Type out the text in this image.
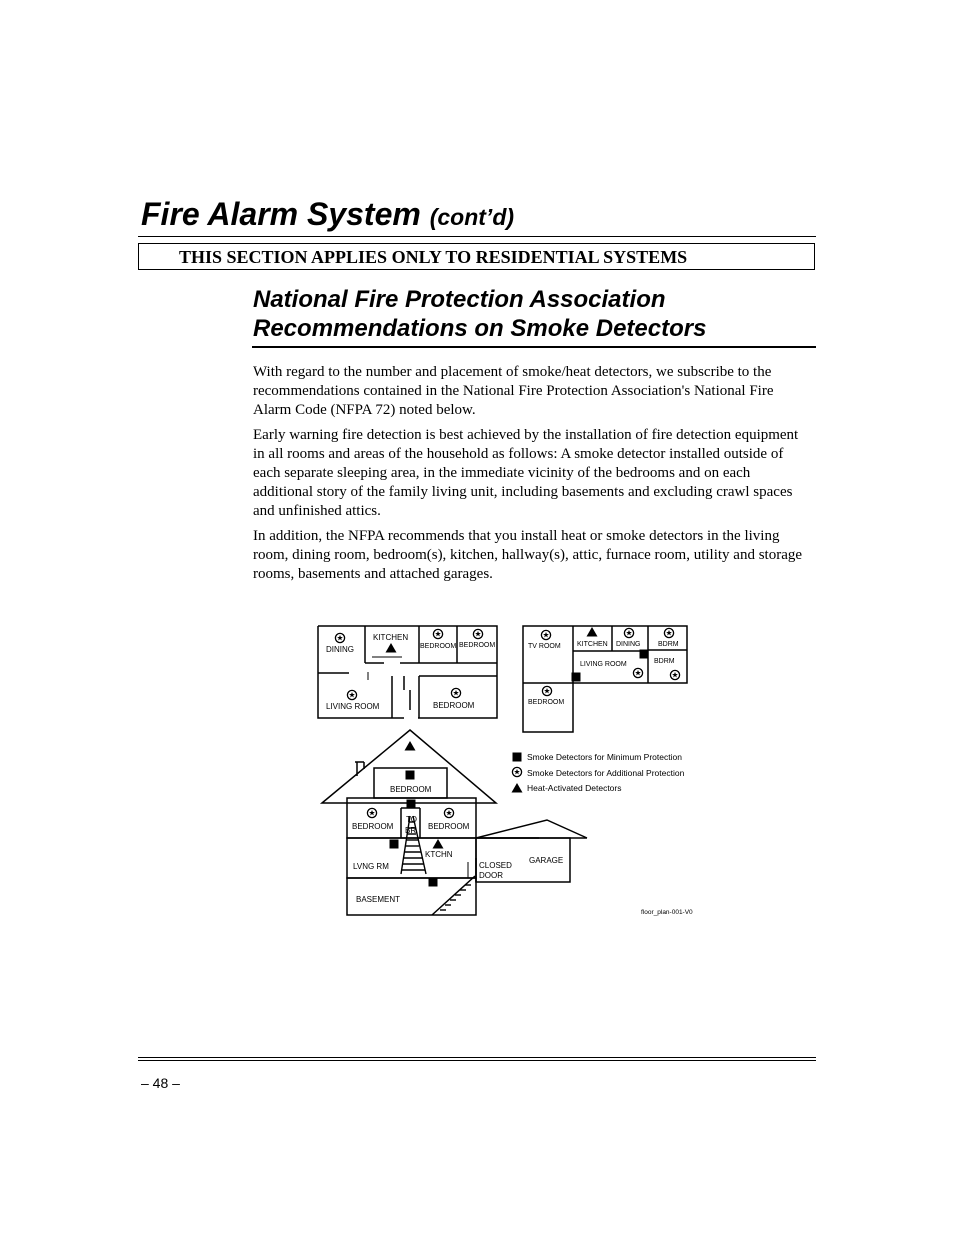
Fire Alarm System (cont’d)
THIS SECTION APPLIES ONLY TO RESIDENTIAL SYSTEMS
National Fire Protection Association
Recommendations on Smoke Detectors

With regard to the number and placement of smoke/heat detectors, we subscribe to the recommendations contained in the National Fire Protection Association's National Fire Alarm Code (NFPA 72) noted below.

Early warning fire detection is best achieved by the installation of fire detection equipment in all rooms and areas of the household as follows: A smoke detector installed outside of each separate sleeping area, in the immediate vicinity of the bedrooms and on each additional story of the family living unit, including basements and excluding crawl spaces and unfinished attics.

In addition, the NFPA recommends that you install heat or smoke detectors in the living room, dining room, bedroom(s), kitchen, hallway(s), attic, furnace room, utility and storage rooms, basements and attached garages.

DINING
KITCHEN
BEDROOM BEDROOM
LIVING ROOM	BEDROOM
TV ROOM KITCHEN DINING	BDRM
LIVING ROOM	BDRM
BEDROOM
BEDROOM
BEDROOM
TO
BR BEDROOM
KTCHN
LVNG RM	CLOSED
DOOR
GARAGE
BASEMENT
Smoke Detectors for Minimum Protection
Smoke Detectors for Additional Protection
Heat-Activated Detectors
floor_plan-001-V0
– 48 –
